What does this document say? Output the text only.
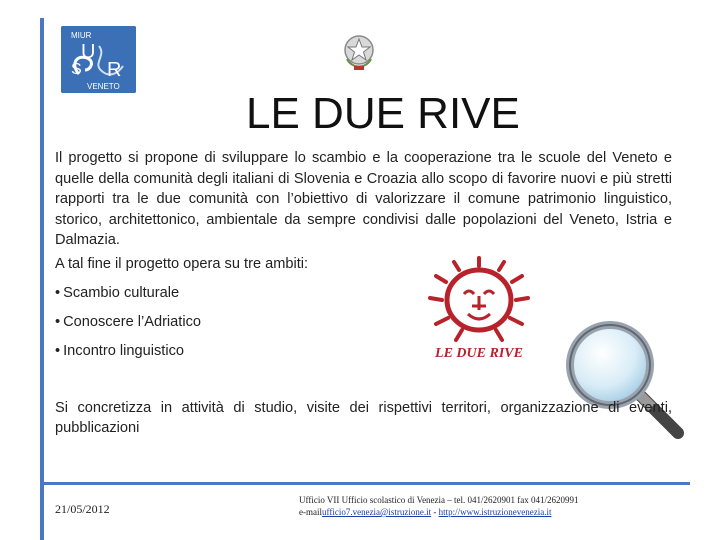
MIUR
U
S R
VENETO
LE DUE RIVE

Il progetto si propone di sviluppare lo scambio e la cooperazione tra le scuole del Veneto e quelle della comunità degli italiani di Slovenia e Croazia allo scopo di favorire nuovi e più stretti rapporti tra le due comunità con l’obiettivo di valorizzare il comune patrimonio linguistico, storico, architettonico, ambientale da sempre condivisi dalle popolazioni del Veneto, Istria e Dalmazia.

A tal fine il progetto opera su tre ambiti:

• Scambio culturale
• Conoscere l’Adriatico
• Incontro linguistico	LE DUE RIVE

Si concretizza in attività di studio, visite dei rispettivi territori, organizzazione di eventi, pubblicazioni

21/05/2012
Ufficio VII Ufficio scolastico di Venezia – tel. 041/2620901 fax 041/2620991
e-mailufficio7.venezia@istruzione.it - http://www.istruzionevenezia.it
